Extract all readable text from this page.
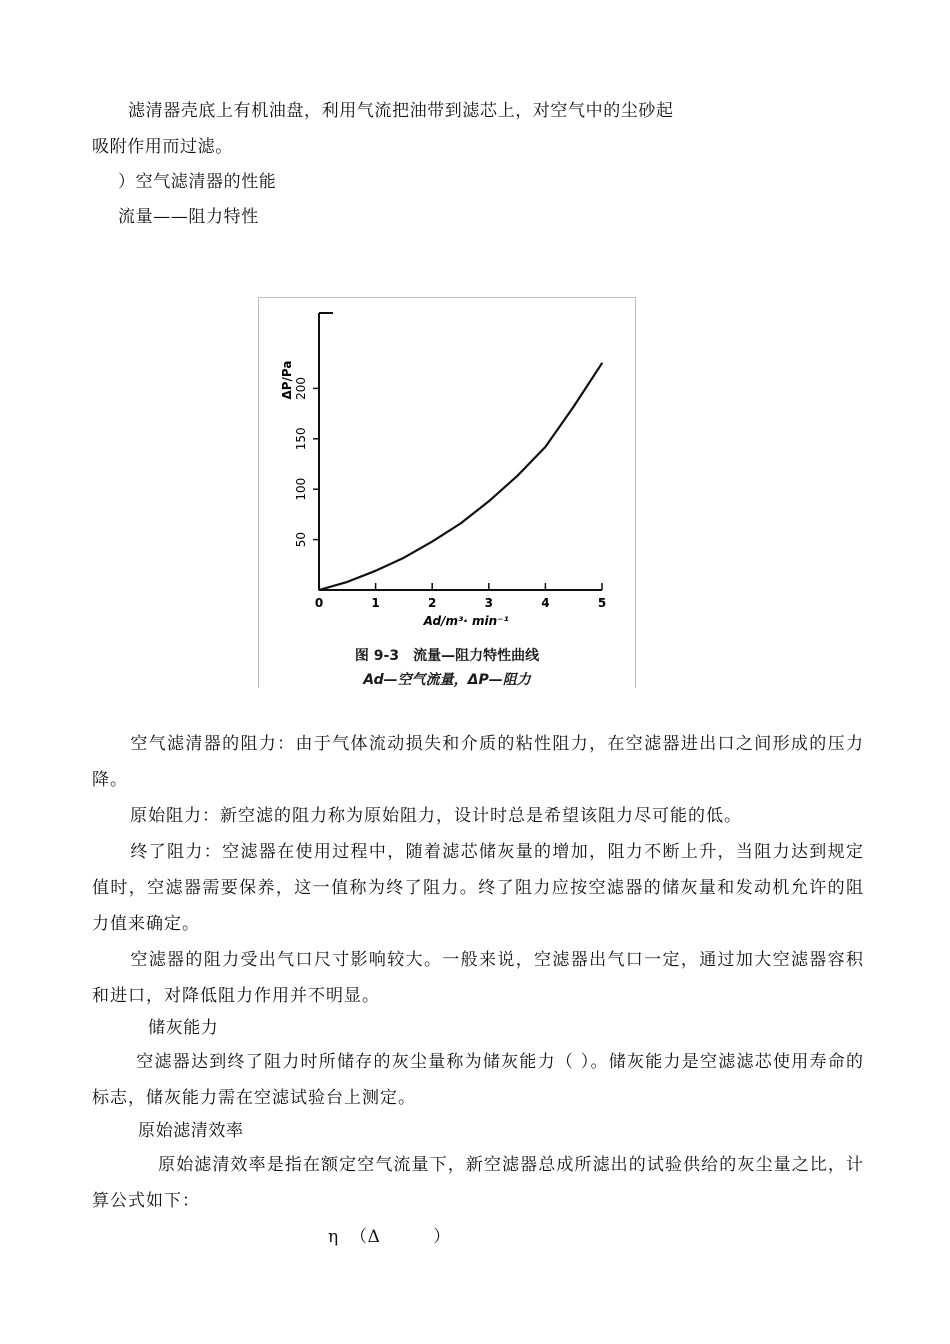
滤清器壳底上有机油盘，利用气流把油带到滤芯上，对空气中的尘砂起
吸附作用而过滤。
）空气滤清器的性能
流量——阻力特性
0	1	2	3	4	5
50
100
150
200
ΔP/Pa
Ad/m³· min⁻¹
图 9-3　流量—阻力特性曲线
Ad—空气流量，ΔP—阻力
空气滤清器的阻力：由于气体流动损失和介质的粘性阻力，在空滤器进出口之间形成的压力降。
原始阻力：新空滤的阻力称为原始阻力，设计时总是希望该阻力尽可能的低。
终了阻力：空滤器在使用过程中，随着滤芯储灰量的增加，阻力不断上升，当阻力达到规定值时，空滤器需要保养，这一值称为终了阻力。终了阻力应按空滤器的储灰量和发动机允许的阻力值来确定。
空滤器的阻力受出气口尺寸影响较大。一般来说，空滤器出气口一定，通过加大空滤器容积和进口，对降低阻力作用并不明显。
储灰能力
空滤器达到终了阻力时所储存的灰尘量称为储灰能力（ ）。储灰能力是空滤滤芯使用寿命的标志，储灰能力需在空滤试验台上测定。
原始滤清效率
原始滤清效率是指在额定空气流量下，新空滤器总成所滤出的试验供给的灰尘量之比，计算公式如下：
η （Δ　　　）
